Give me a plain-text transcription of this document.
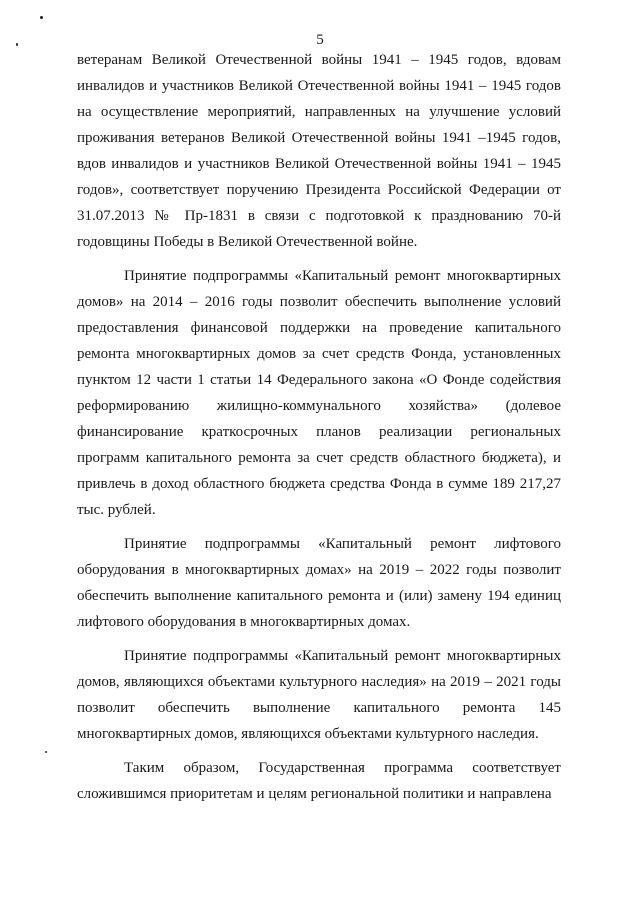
5

ветеранам Великой Отечественной войны 1941 – 1945 годов, вдовам инвалидов и участников Великой Отечественной войны 1941 – 1945 годов на осуществление мероприятий, направленных на улучшение условий проживания ветеранов Великой Отечественной войны 1941 –1945 годов, вдов инвалидов и участников Великой Отечественной войны 1941 – 1945 годов», соответствует поручению Президента Российской Федерации от 31.07.2013 № Пр-1831 в связи с подготовкой к празднованию 70-й годовщины Победы в Великой Отечественной войне.

Принятие подпрограммы «Капитальный ремонт многоквартирных домов» на 2014 – 2016 годы позволит обеспечить выполнение условий предоставления финансовой поддержки на проведение капитального ремонта многоквартирных домов за счет средств Фонда, установленных пунктом 12 части 1 статьи 14 Федерального закона «О Фонде содействия реформированию жилищно-коммунального хозяйства» (долевое финансирование краткосрочных планов реализации региональных программ капитального ремонта за счет средств областного бюджета), и привлечь в доход областного бюджета средства Фонда в сумме 189 217,27 тыс. рублей.

Принятие подпрограммы «Капитальный ремонт лифтового оборудования в многоквартирных домах» на 2019 – 2022 годы позволит обеспечить выполнение капитального ремонта и (или) замену 194 единиц лифтового оборудования в многоквартирных домах.

Принятие подпрограммы «Капитальный ремонт многоквартирных домов, являющихся объектами культурного наследия» на 2019 – 2021 годы позволит обеспечить выполнение капитального ремонта 145 многоквартирных домов, являющихся объектами культурного наследия.

Таким образом, Государственная программа соответствует сложившимся приоритетам и целям региональной политики и направлена
